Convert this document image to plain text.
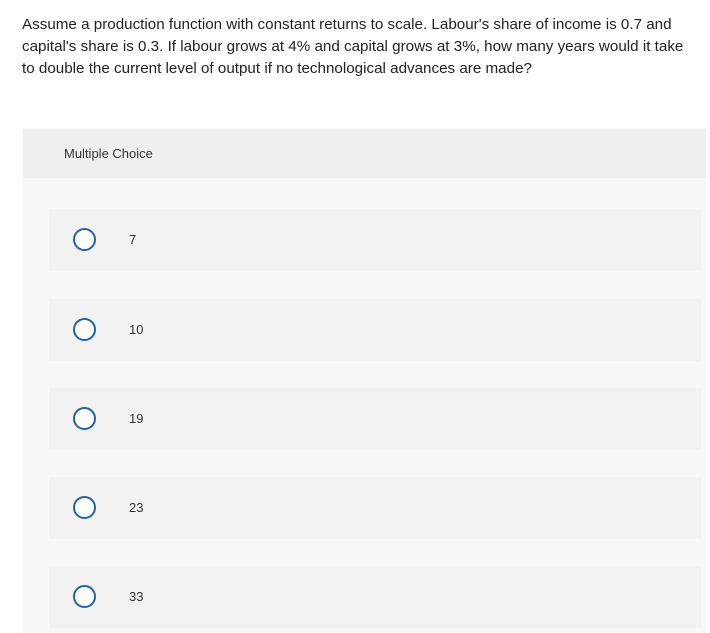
Assume a production function with constant returns to scale. Labour's share of income is 0.7 and capital's share is 0.3. If labour grows at 4% and capital grows at 3%, how many years would it take to double the current level of output if no technological advances are made?

Multiple Choice
7
10
19
23
33
